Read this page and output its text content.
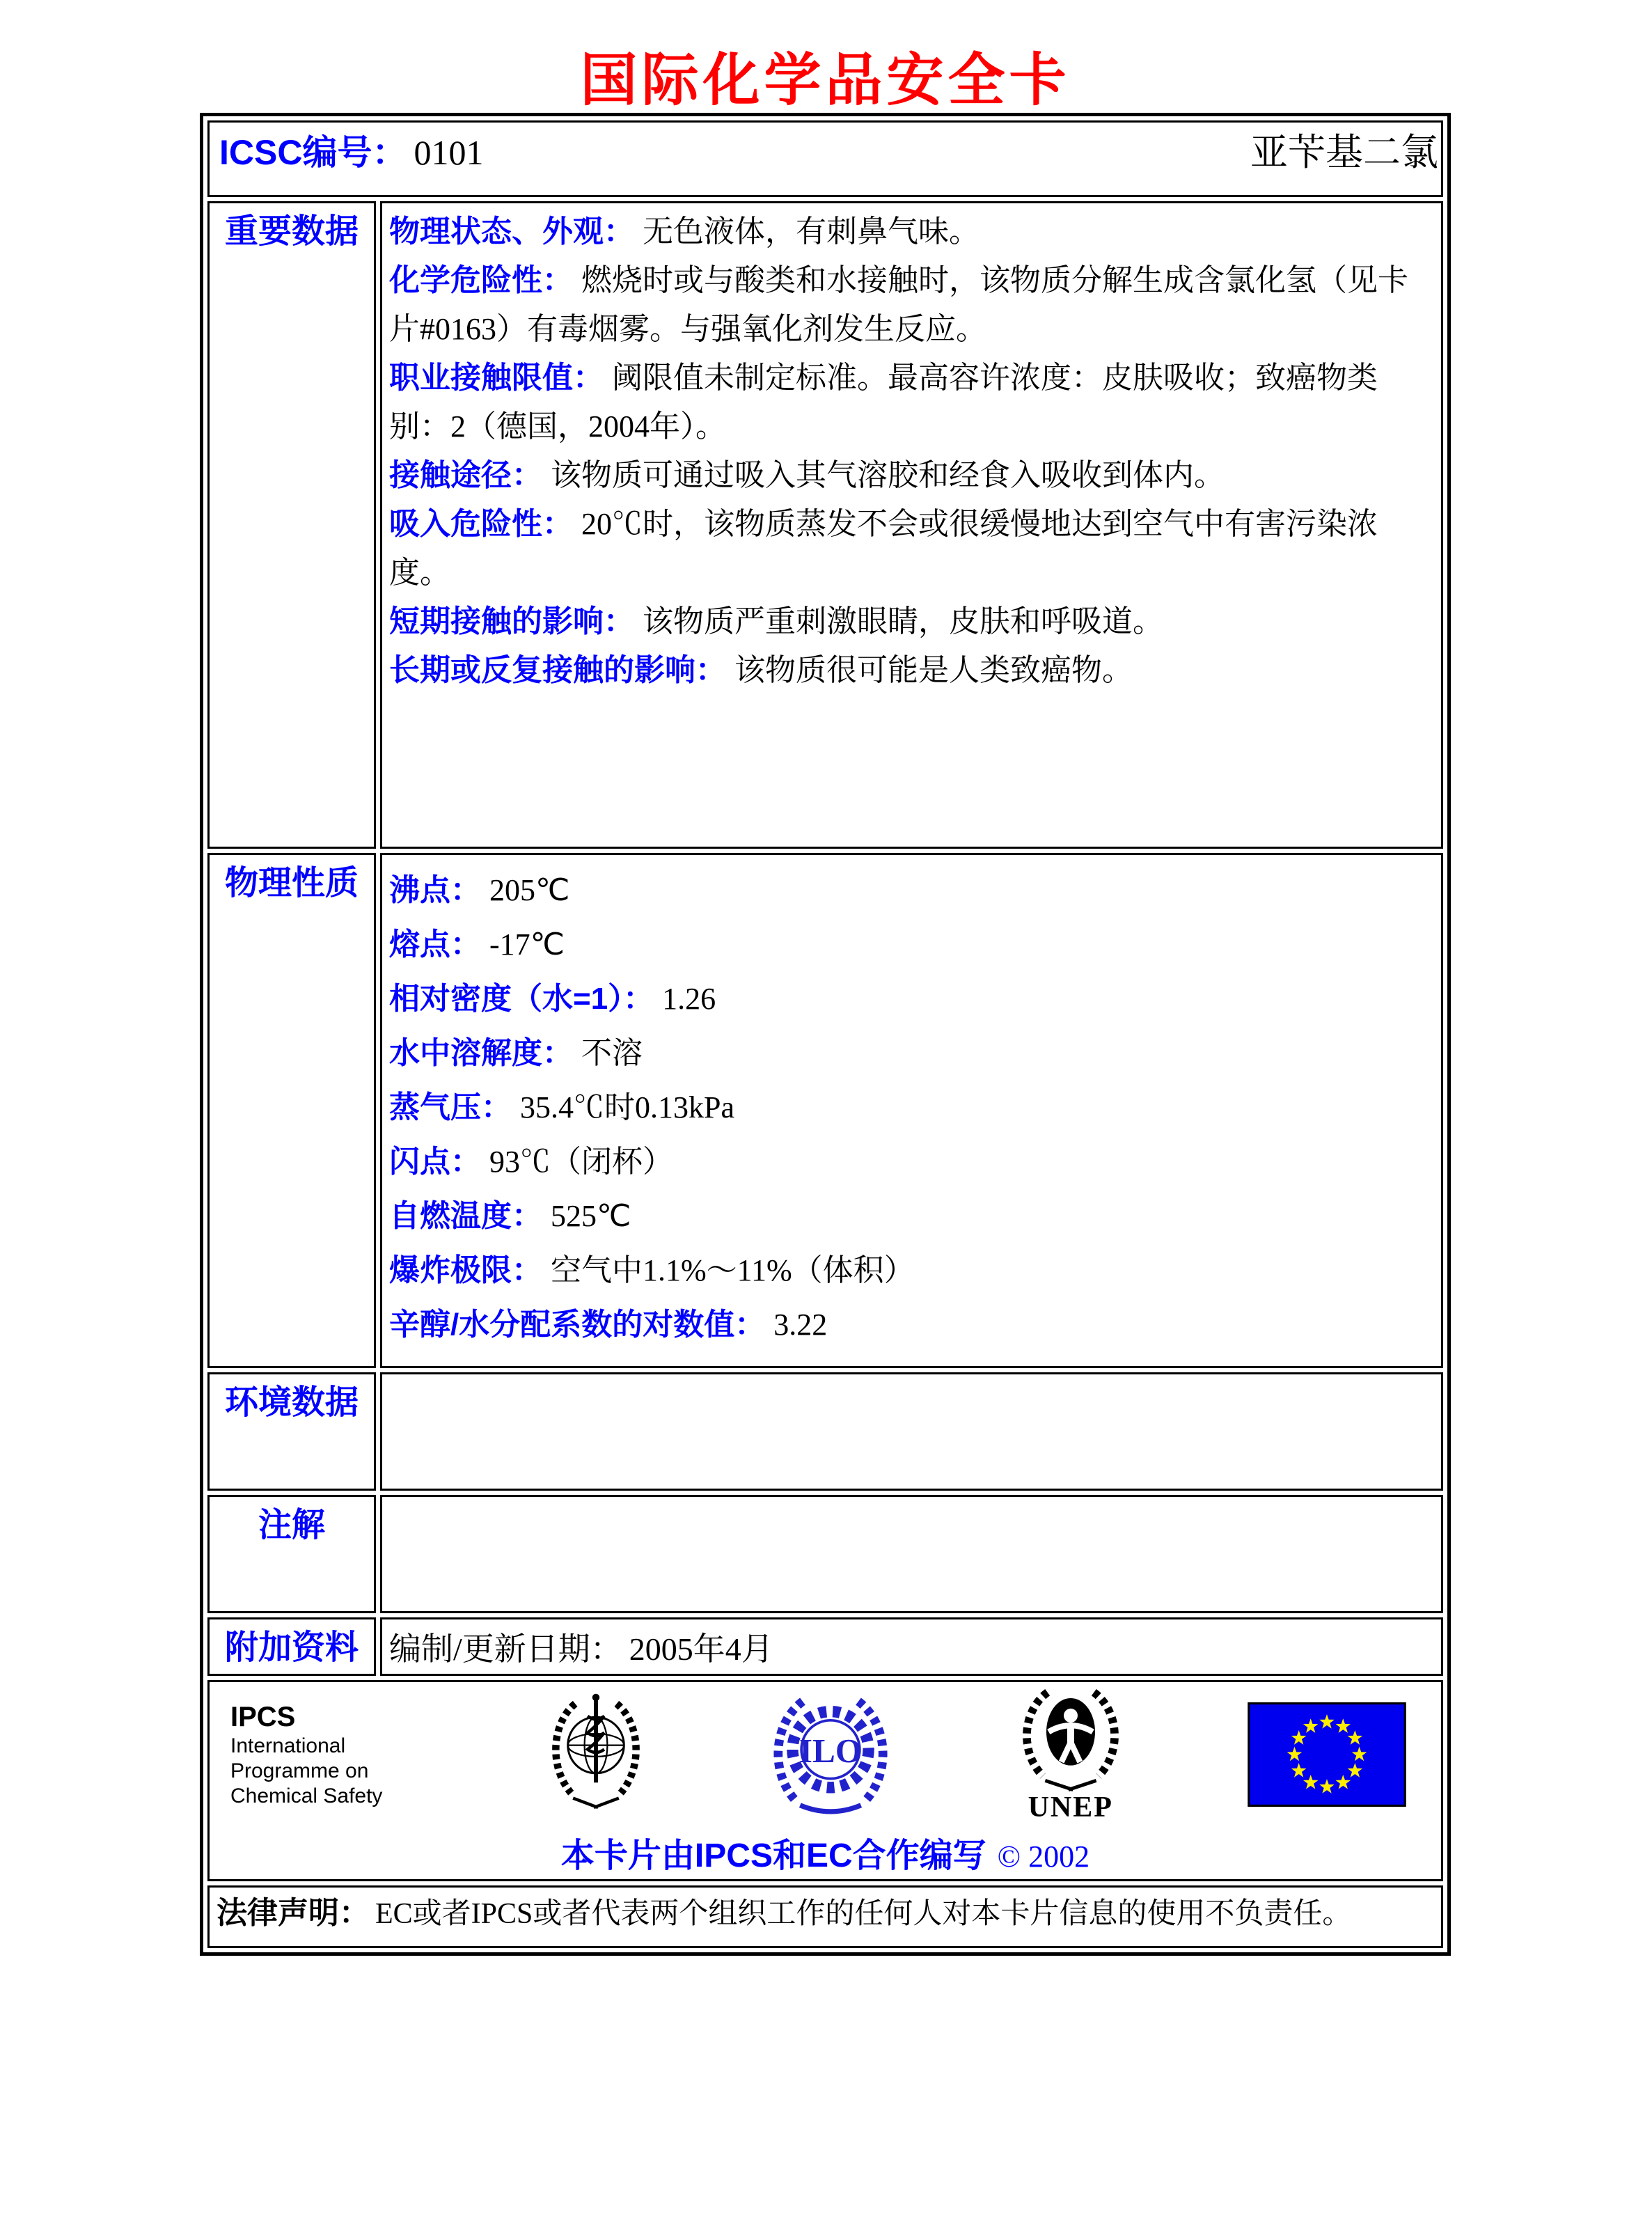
国际化学品安全卡
ICSC编号： 0101 亚苄基二氯	

重要数据	物理状态、外观： 无色液体，有刺鼻气味。

化学危险性： 燃烧时或与酸类和水接触时，该物质分解生成含氯化氢（见卡片#0163）有毒烟雾。与强氧化剂发生反应。

职业接触限值： 阈限值未制定标准。最高容许浓度：皮肤吸收；致癌物类别：2（德国，2004年）。

接触途径： 该物质可通过吸入其气溶胶和经食入吸收到体内。

吸入危险性： 20℃时，该物质蒸发不会或很缓慢地达到空气中有害污染浓度。

短期接触的影响： 该物质严重刺激眼睛，皮肤和呼吸道。

长期或反复接触的影响： 该物质很可能是人类致癌物。

物理性质	沸点： 205℃

熔点： -17℃

相对密度（水=1）： 1.26

水中溶解度： 不溶

蒸气压： 35.4℃时0.13kPa

闪点： 93℃（闭杯）

自燃温度： 525℃

爆炸极限： 空气中1.1%～11%（体积）

辛醇/水分配系数的对数值： 3.22

环境数据	
注解	
附加资料	编制/更新日期： 2005年4月

IPCS
International
Programme on
Chemical Safety
ILO
UNEP
本卡片由IPCS和EC合作编写 © 2002

法律声明： EC或者IPCS或者代表两个组织工作的任何人对本卡片信息的使用不负责任。	
